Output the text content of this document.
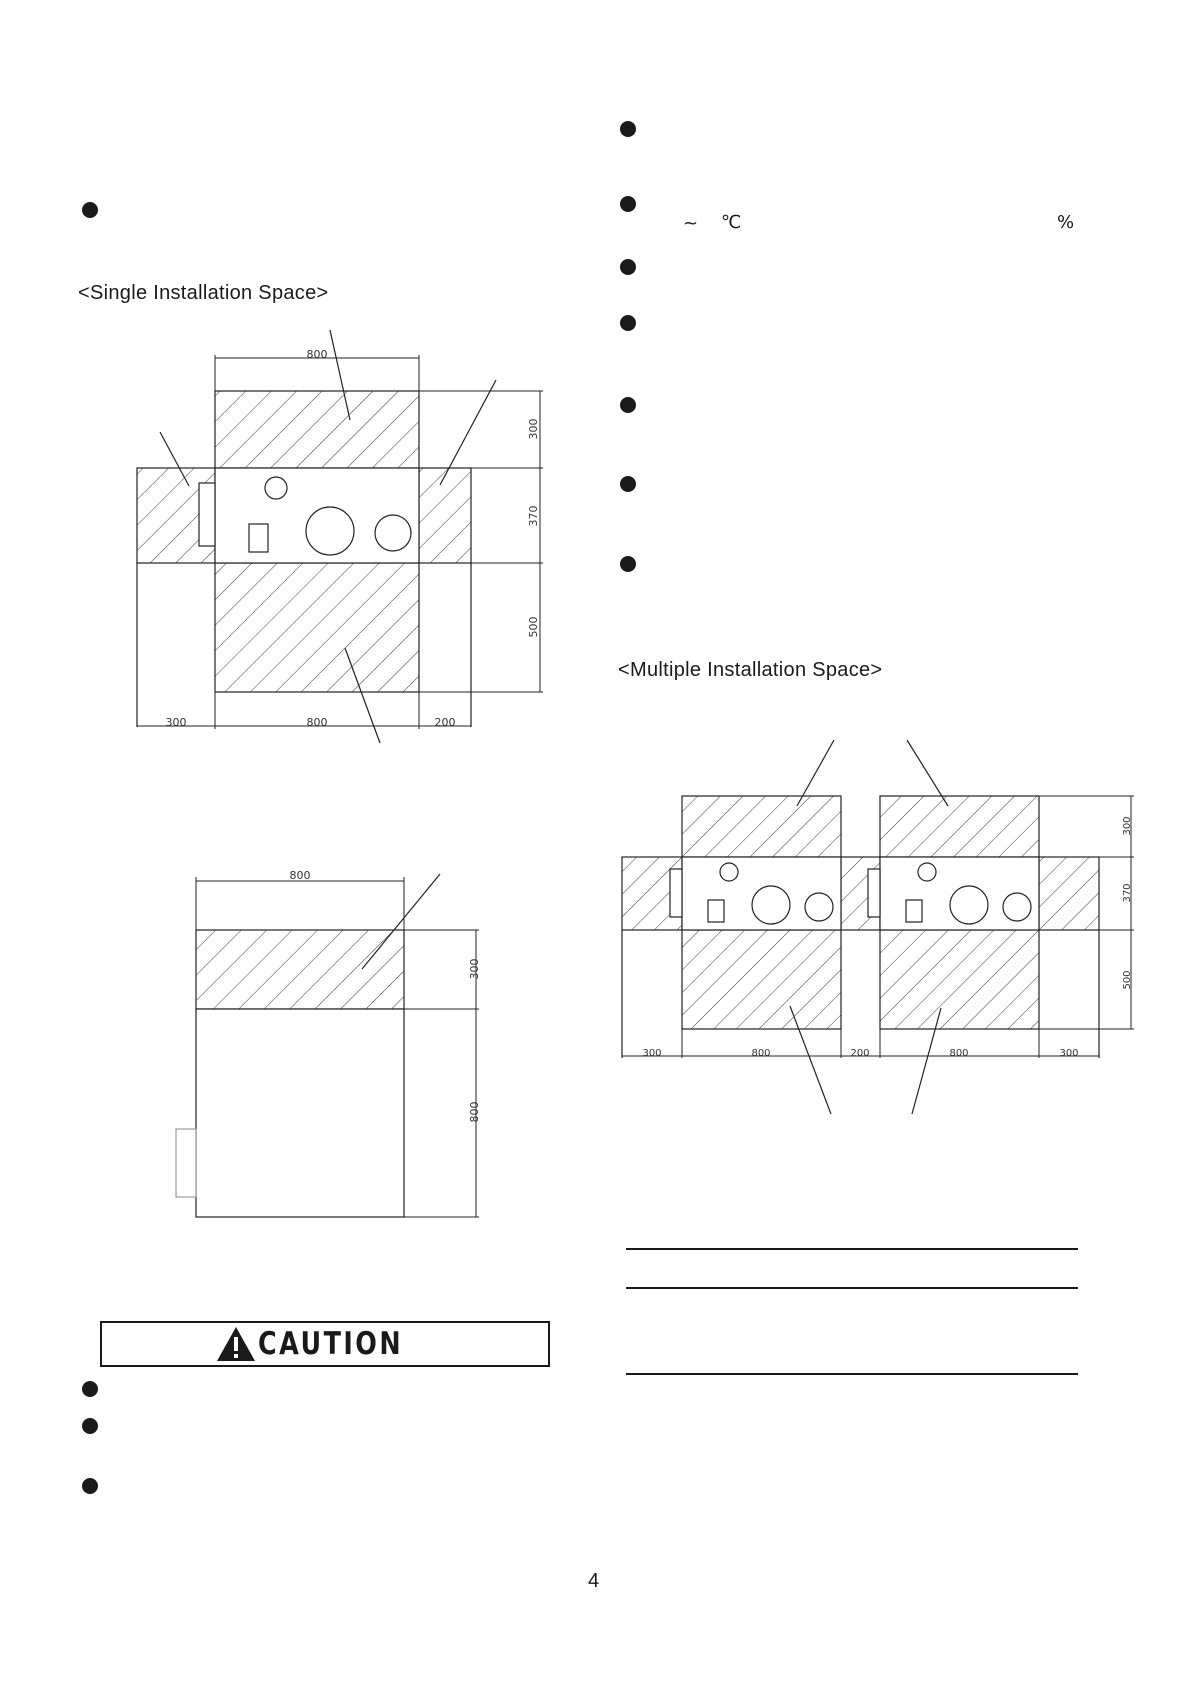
<Single Installation Space>
800
300
370
500
300	800	200
800
300
800
CAUTION
~ ℃	%
<Multiple Installation Space>
300
370
500
300	800	200	800	300
4
